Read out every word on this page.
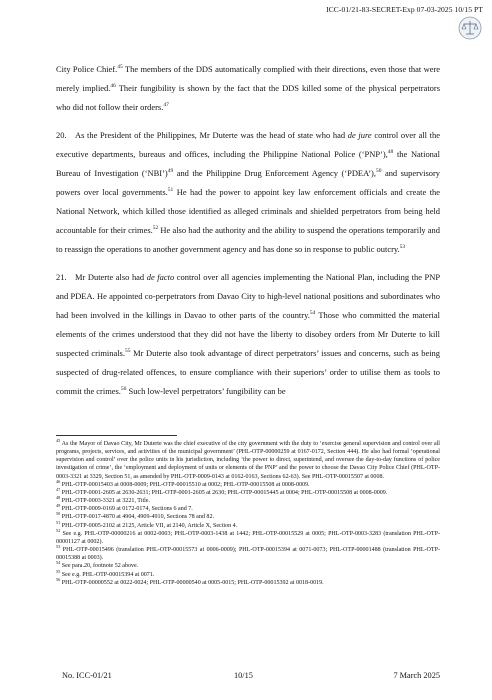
ICC-01/21-83-SECRET-Exp 07-03-2025 10/15 PT

City Police Chief.$^{45}$ The members of the DDS automatically complied with their directions, even those that were merely implied.$^{46}$ Their fungibility is shown by the fact that the DDS killed some of the physical perpetrators who did not follow their orders.$^{47}$

20. As the President of the Philippines, Mr Duterte was the head of state who had de jure control over all the executive departments, bureaus and offices, including the Philippine National Police (‘PNP’),$^{48}$ the National Bureau of Investigation (‘NBI’)$^{49}$ and the Philippine Drug Enforcement Agency (‘PDEA’),$^{50}$ and supervisory powers over local governments.$^{51}$ He had the power to appoint key law enforcement officials and create the National Network, which killed those identified as alleged criminals and shielded perpetrators from being held accountable for their crimes.$^{52}$ He also had the authority and the ability to suspend the operations temporarily and to reassign the operations to another government agency and has done so in response to public outcry.$^{53}$

21. Mr Duterte also had de facto control over all agencies implementing the National Plan, including the PNP and PDEA. He appointed co-perpetrators from Davao City to high-level national positions and subordinates who had been involved in the killings in Davao to other parts of the country.$^{54}$ Those who committed the material elements of the crimes understood that they did not have the liberty to disobey orders from Mr Duterte to kill suspected criminals.$^{55}$ Mr Duterte also took advantage of direct perpetrators’ issues and concerns, such as being suspected of drug-related offences, to ensure compliance with their superiors’ order to utilise them as tools to commit the crimes.$^{56}$ Such low-level perpetrators’ fungibility can be

$^{45}$ As the Mayor of Davao City, Mr Duterte was the chief executive of the city government with the duty to ‘exercise general supervision and control over all programs, projects, services, and activities of the municipal government’ (PHL-OTP-00000259 at 0167-0172, Section 444). He also had formal ‘operational supervision and control’ over the police units in his jurisdiction, including ‘the power to direct, superintend, and oversee the day-to-day functions of police investigation of crime’, the ‘employment and deployment of units or elements of the PNP’ and the power to choose the Davao City Police Chief (PHL-OTP-0003-3321 at 3329, Section 51, as amended by PHL-OTP-0009-0143 at 0162-0163, Sections 62-63). See PHL-OTP-00015507 at 0008.
$^{46}$ PHL-OTP-00015403 at 0008-0009; PHL-OTP-00015510 at 0002; PHL-OTP-00015508 at 0008-0009.
$^{47}$ PHL-OTP-0001-2605 at 2630-2631; PHL-OTP-0001-2605 at 2630; PHL-OTP-00015445 at 0004; PHL-OTP-00015508 at 0008-0009.
$^{48}$ PHL-OTP-0003-3321 at 3221, Title.
$^{49}$ PHL-OTP-0009-0169 at 0172-0174, Sections 6 and 7.
$^{50}$ PHL-OTP-0017-4870 at 4904, 4909-4910, Sections 78 and 82.
$^{51}$ PHL-OTP-0005-2102 at 2125, Article VII, at 2140, Article X, Section 4.
$^{52}$ See e.g. PHL-OTP-00000216 at 0002-0003; PHL-OTP-0003-1438 at 1442; PHL-OTP-00015529 at 0005; PHL-OTP-0003-3283 (translation PHL-OTP-00001127 at 0002).
$^{53}$ PHL-OTP-00015496 (translation PHL-OTP-00015573 at 0006-0009); PHL-OTP-00015394 at 0071-0073; PHL-OTP-00001488 (translation PHL-OTP-00015388 at 0003).
$^{54}$ See para.20, footnote 52 above.
$^{55}$ See e.g. PHL-OTP-00015394 at 0071.
$^{56}$ PHL-OTP-00000552 at 0022-0024; PHL-OTP-00000540 at 0005-0015; PHL-OTP-00015392 at 0018-0019.
No. ICC-01/21	10/15	7 March 2025
